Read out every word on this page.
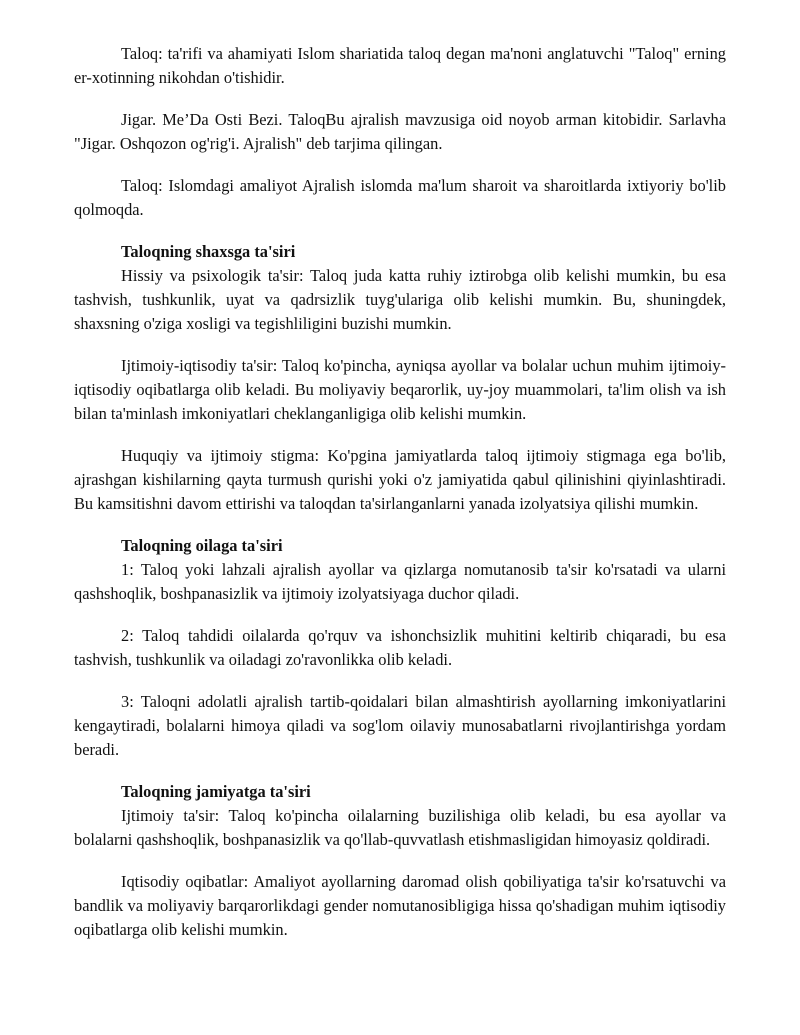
Taloq: ta'rifi va ahamiyati Islom shariatida taloq degan ma'noni anglatuvchi "Taloq" erning er-xotinning nikohdan o'tishidir.

Jigar. Me’Da Osti Bezi. TaloqBu ajralish mavzusiga oid noyob arman kitobidir. Sarlavha "Jigar. Oshqozon og'rig'i. Ajralish" deb tarjima qilingan.

Taloq: Islomdagi amaliyot Ajralish islomda ma'lum sharoit va sharoitlarda ixtiyoriy bo'lib qolmoqda.

Taloqning shaxsga ta'siri

Hissiy va psixologik ta'sir: Taloq juda katta ruhiy iztirobga olib kelishi mumkin, bu esa tashvish, tushkunlik, uyat va qadrsizlik tuyg'ulariga olib kelishi mumkin. Bu, shuningdek, shaxsning o'ziga xosligi va tegishliligini buzishi mumkin.

Ijtimoiy-iqtisodiy ta'sir: Taloq ko'pincha, ayniqsa ayollar va bolalar uchun muhim ijtimoiy-iqtisodiy oqibatlarga olib keladi. Bu moliyaviy beqarorlik, uy-joy muammolari, ta'lim olish va ish bilan ta'minlash imkoniyatlari cheklanganligiga olib kelishi mumkin.

Huquqiy va ijtimoiy stigma: Ko'pgina jamiyatlarda taloq ijtimoiy stigmaga ega bo'lib, ajrashgan kishilarning qayta turmush qurishi yoki o'z jamiyatida qabul qilinishini qiyinlashtiradi. Bu kamsitishni davom ettirishi va taloqdan ta'sirlanganlarni yanada izolyatsiya qilishi mumkin.

Taloqning oilaga ta'siri

1: Taloq yoki lahzali ajralish ayollar va qizlarga nomutanosib ta'sir ko'rsatadi va ularni qashshoqlik, boshpanasizlik va ijtimoiy izolyatsiyaga duchor qiladi.

2: Taloq tahdidi oilalarda qo'rquv va ishonchsizlik muhitini keltirib chiqaradi, bu esa tashvish, tushkunlik va oiladagi zo'ravonlikka olib keladi.

3: Taloqni adolatli ajralish tartib-qoidalari bilan almashtirish ayollarning imkoniyatlarini kengaytiradi, bolalarni himoya qiladi va sog'lom oilaviy munosabatlarni rivojlantirishga yordam beradi.

Taloqning jamiyatga ta'siri

Ijtimoiy ta'sir: Taloq ko'pincha oilalarning buzilishiga olib keladi, bu esa ayollar va bolalarni qashshoqlik, boshpanasizlik va qo'llab-quvvatlash etishmasligidan himoyasiz qoldiradi.

Iqtisodiy oqibatlar: Amaliyot ayollarning daromad olish qobiliyatiga ta'sir ko'rsatuvchi va bandlik va moliyaviy barqarorlikdagi gender nomutanosibligiga hissa qo'shadigan muhim iqtisodiy oqibatlarga olib kelishi mumkin.
